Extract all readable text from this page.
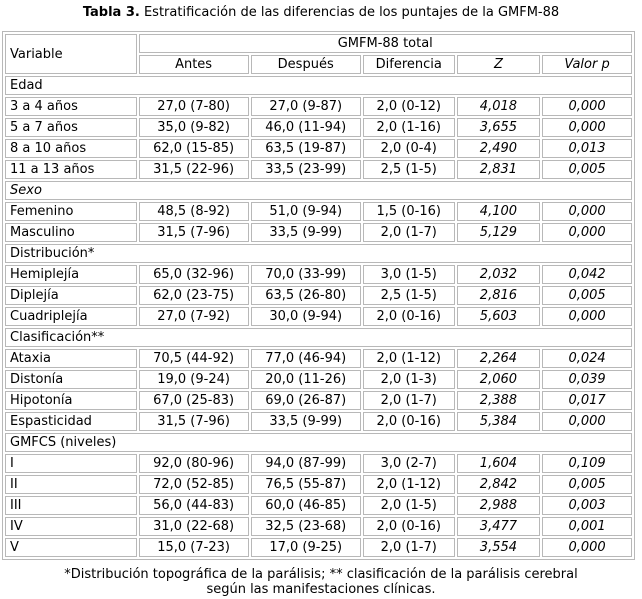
Tabla 3. Estratificación de las diferencias de los puntajes de la GMFM-88
Variable	GMFM-88 total				
	Antes	Después	Diferencia	Z	Valor p
Edad					
3 a 4 años	27,0 (7-80)	27,0 (9-87)	2,0 (0-12)	4,018	0,000
5 a 7 años	35,0 (9-82)	46,0 (11-94)	2,0 (1-16)	3,655	0,000
8 a 10 años	62,0 (15-85)	63,5 (19-87)	2,0 (0-4)	2,490	0,013
11 a 13 años	31,5 (22-96)	33,5 (23-99)	2,5 (1-5)	2,831	0,005
Sexo					
Femenino	48,5 (8-92)	51,0 (9-94)	1,5 (0-16)	4,100	0,000
Masculino	31,5 (7-96)	33,5 (9-99)	2,0 (1-7)	5,129	0,000
Distribución*					
Hemiplejía	65,0 (32-96)	70,0 (33-99)	3,0 (1-5)	2,032	0,042
Diplejía	62,0 (23-75)	63,5 (26-80)	2,5 (1-5)	2,816	0,005
Cuadriplejía	27,0 (7-92)	30,0 (9-94)	2,0 (0-16)	5,603	0,000
Clasificación**					
Ataxia	70,5 (44-92)	77,0 (46-94)	2,0 (1-12)	2,264	0,024
Distonía	19,0 (9-24)	20,0 (11-26)	2,0 (1-3)	2,060	0,039
Hipotonía	67,0 (25-83)	69,0 (26-87)	2,0 (1-7)	2,388	0,017
Espasticidad	31,5 (7-96)	33,5 (9-99)	2,0 (0-16)	5,384	0,000
GMFCS (niveles)					
I	92,0 (80-96)	94,0 (87-99)	3,0 (2-7)	1,604	0,109
II	72,0 (52-85)	76,5 (55-87)	2,0 (1-12)	2,842	0,005
III	56,0 (44-83)	60,0 (46-85)	2,0 (1-5)	2,988	0,003
IV	31,0 (22-68)	32,5 (23-68)	2,0 (0-16)	3,477	0,001
V	15,0 (7-23)	17,0 (9-25)	2,0 (1-7)	3,554	0,000
*Distribución topográfica de la parálisis; ** clasificación de la parálisis cerebral
según las manifestaciones clínicas.
